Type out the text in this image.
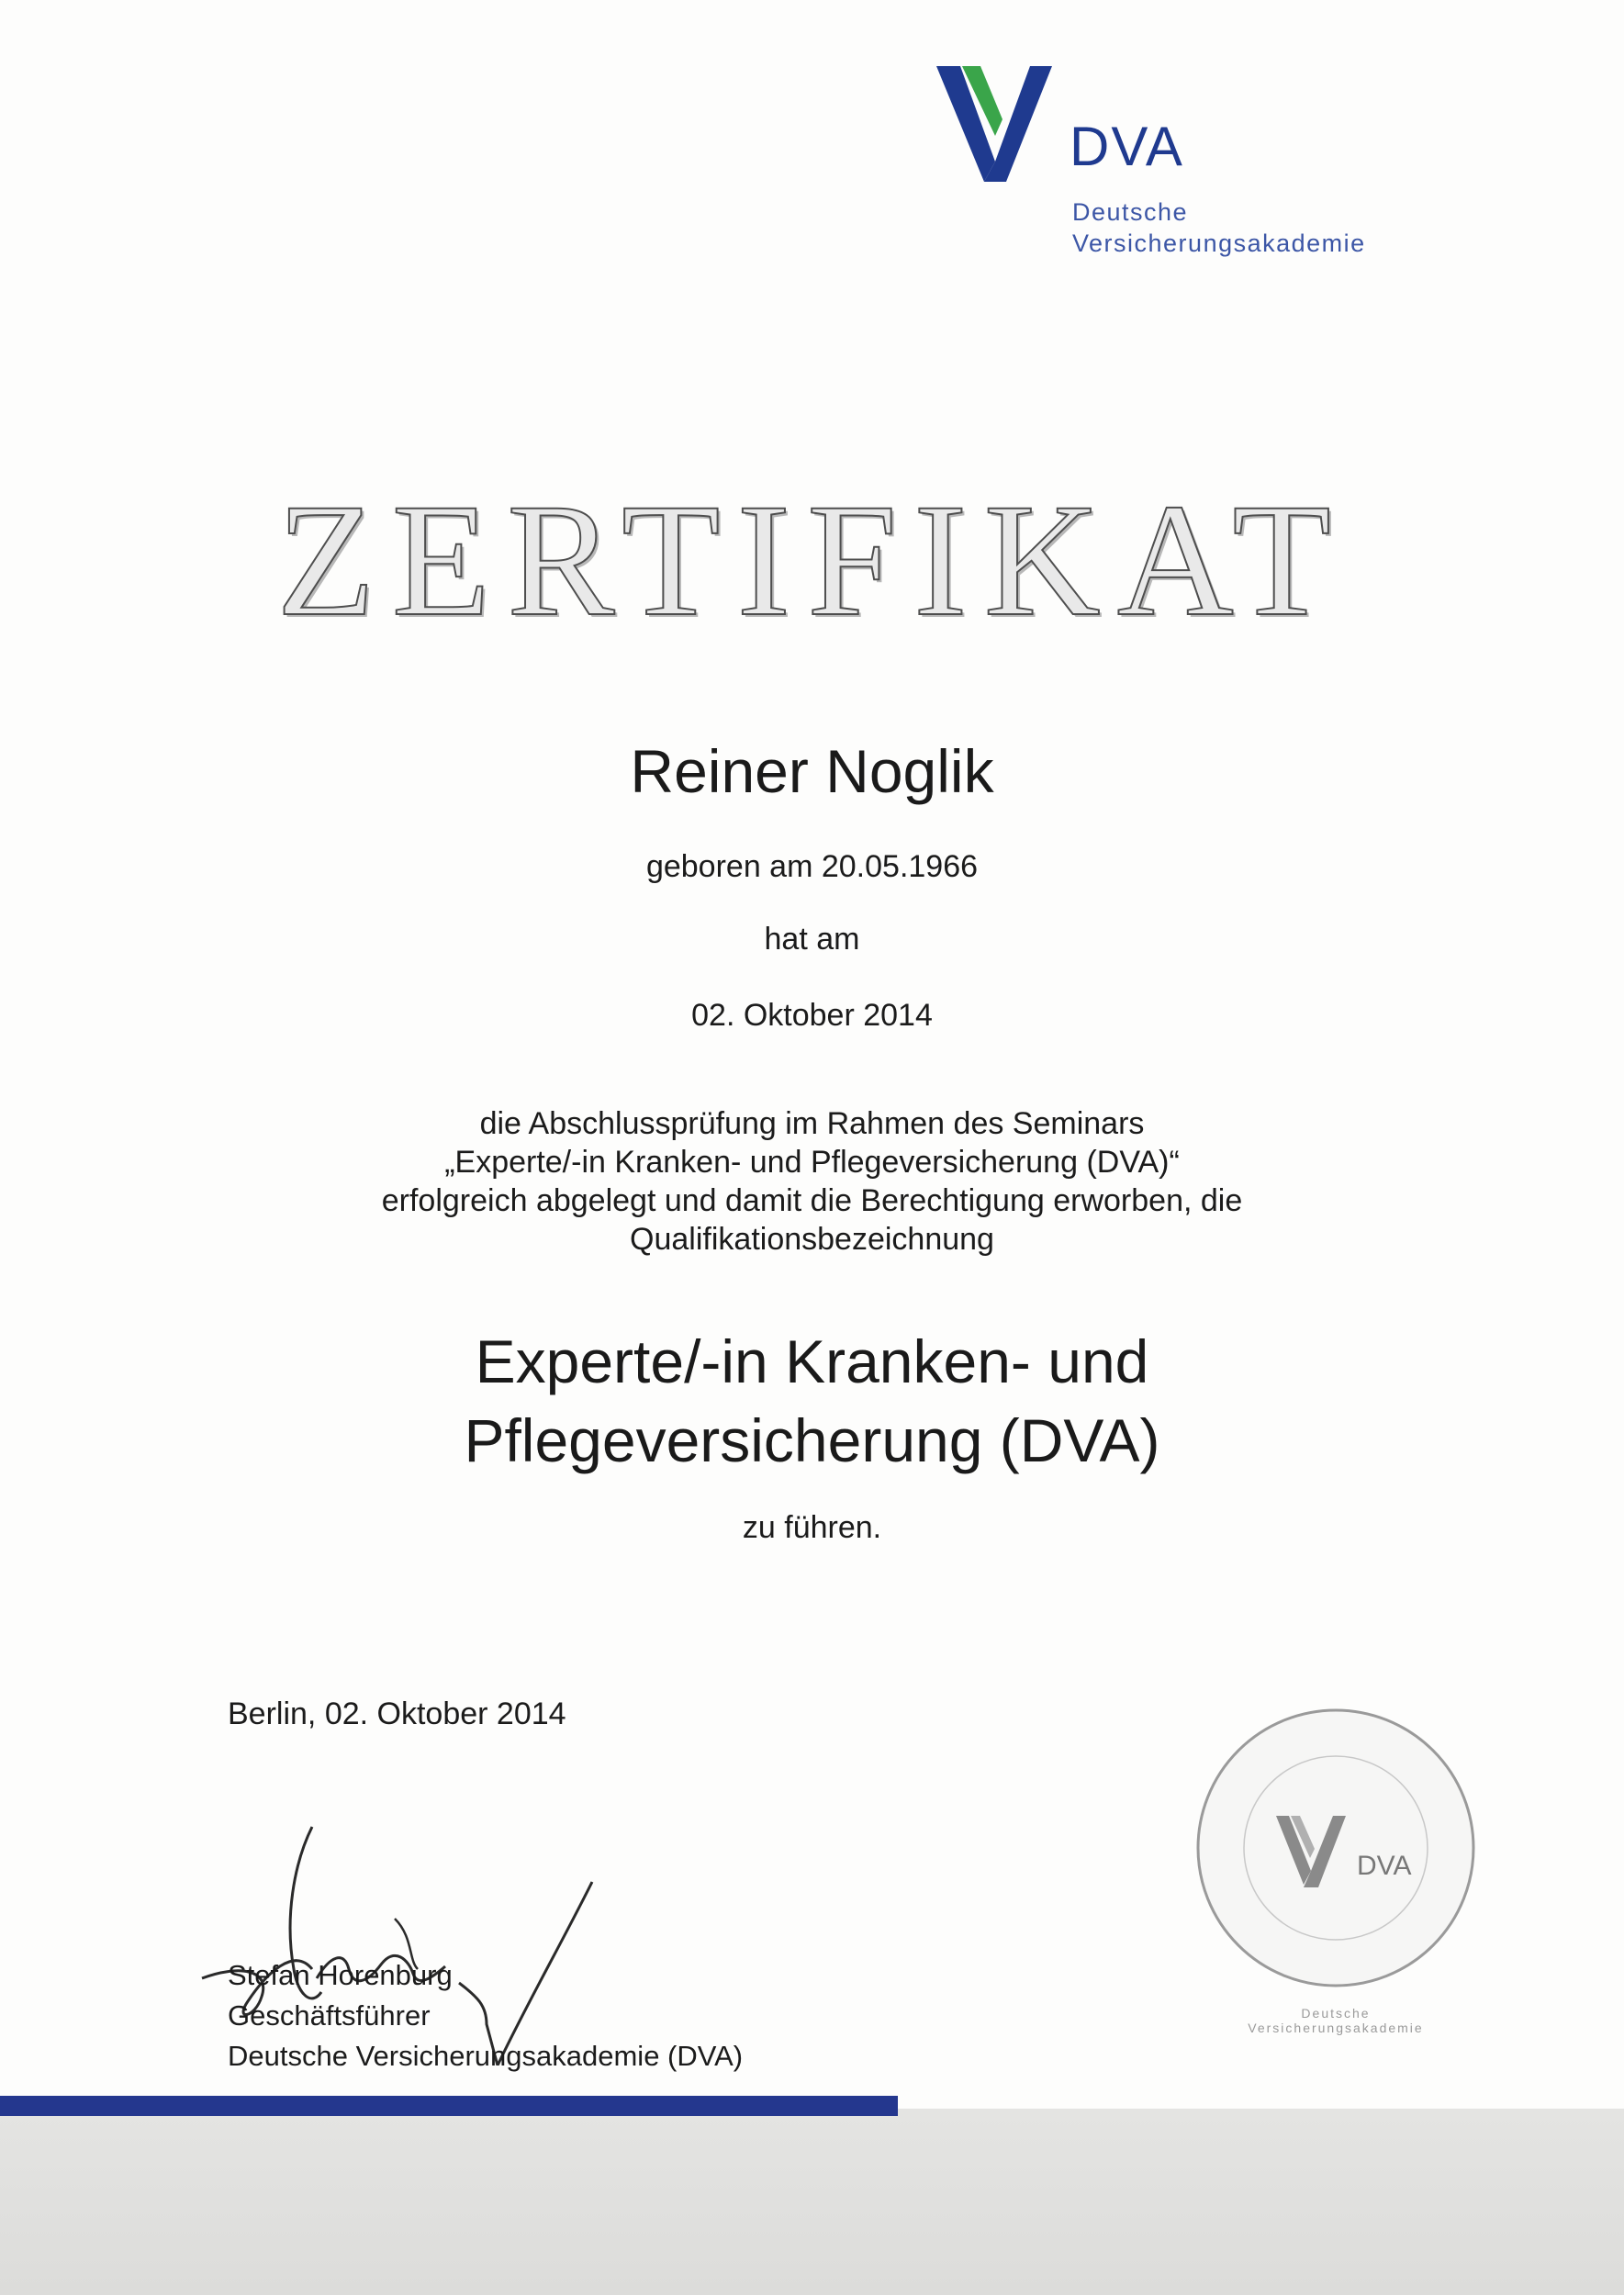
DVA
Deutsche
Versicherungsakademie
ZERTIFIKAT
Reiner Noglik
geboren am 20.05.1966
hat am
02. Oktober 2014
die Abschlussprüfung im Rahmen des Seminars
„Experte/-in Kranken- und Pflegeversicherung (DVA)“
erfolgreich abgelegt und damit die Berechtigung erworben, die
Qualifikationsbezeichnung
Experte/-in Kranken- und
Pflegeversicherung (DVA)
zu führen.
Berlin, 02. Oktober 2014
Stefan Horenburg
Geschäftsführer
Deutsche Versicherungsakademie (DVA)
DVA
Deutsche Versicherungsakademie
